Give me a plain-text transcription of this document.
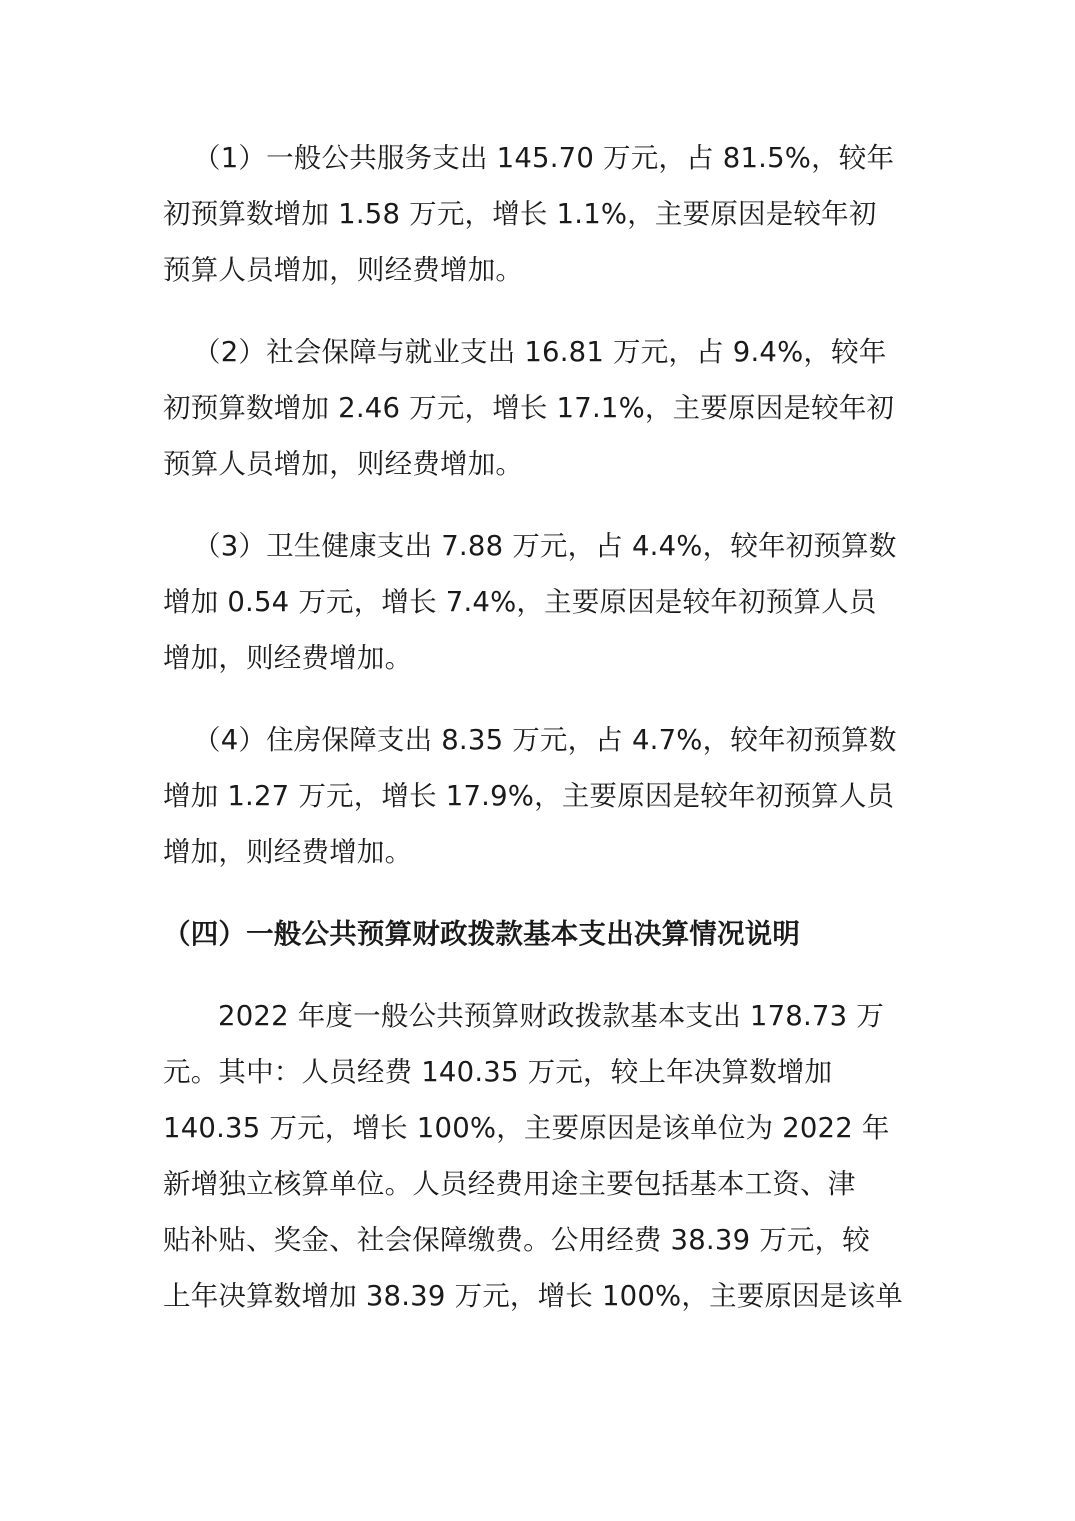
（1）一般公共服务支出 145.70 万元，占 81.5%，较年
初预算数增加 1.58 万元，增长 1.1%，主要原因是较年初
预算人员增加，则经费增加。
（2）社会保障与就业支出 16.81 万元，占 9.4%，较年
初预算数增加 2.46 万元，增长 17.1%，主要原因是较年初
预算人员增加，则经费增加。
（3）卫生健康支出 7.88 万元，占 4.4%，较年初预算数
增加 0.54 万元，增长 7.4%，主要原因是较年初预算人员
增加，则经费增加。
（4）住房保障支出 8.35 万元，占 4.7%，较年初预算数
增加 1.27 万元，增长 17.9%，主要原因是较年初预算人员
增加，则经费增加。
（四）一般公共预算财政拨款基本支出决算情况说明
2022 年度一般公共预算财政拨款基本支出 178.73 万
元。其中：人员经费 140.35 万元，较上年决算数增加
140.35 万元，增长 100%，主要原因是该单位为 2022 年
新增独立核算单位。人员经费用途主要包括基本工资、津
贴补贴、奖金、社会保障缴费。公用经费 38.39 万元，较
上年决算数增加 38.39 万元，增长 100%，主要原因是该单
